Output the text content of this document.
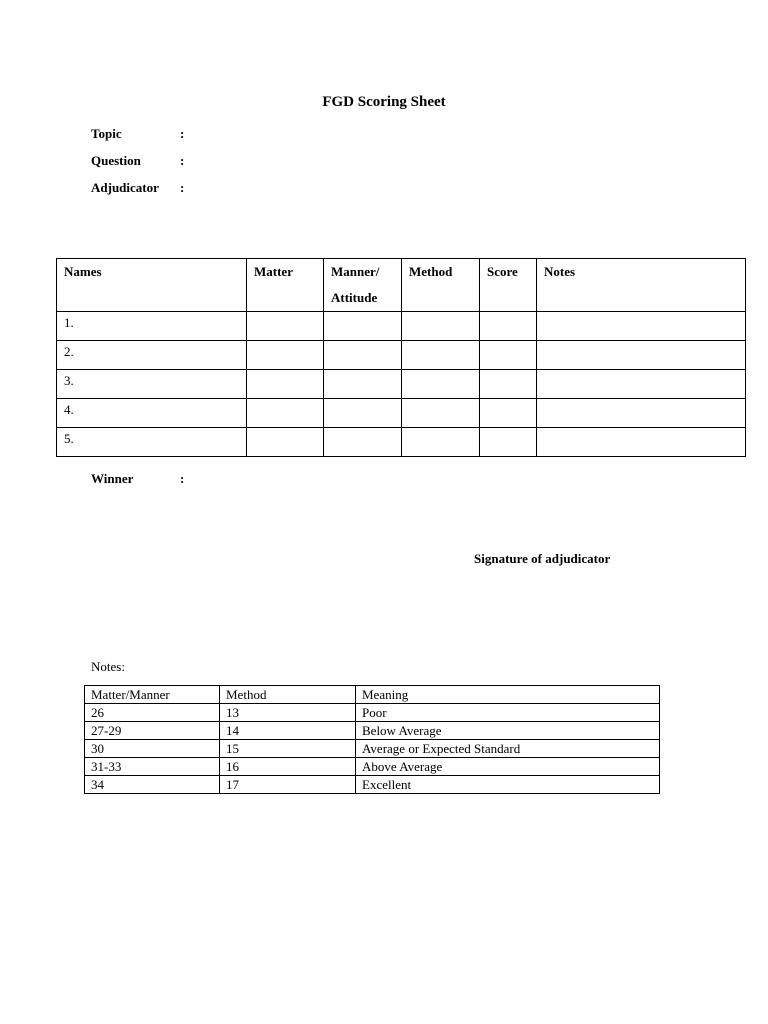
FGD Scoring Sheet
Topic	:
Question	:
Adjudicator :
Names	Matter	Manner/ Attitude	Method	Score	Notes
1.					
2.					
3.					
4.					
5.					
Winner	:
Signature of adjudicator
Notes:
Matter/Manner	Method	Meaning
26	13	Poor
27-29	14	Below Average
30	15	Average or Expected Standard
31-33	16	Above Average
34	17	Excellent
